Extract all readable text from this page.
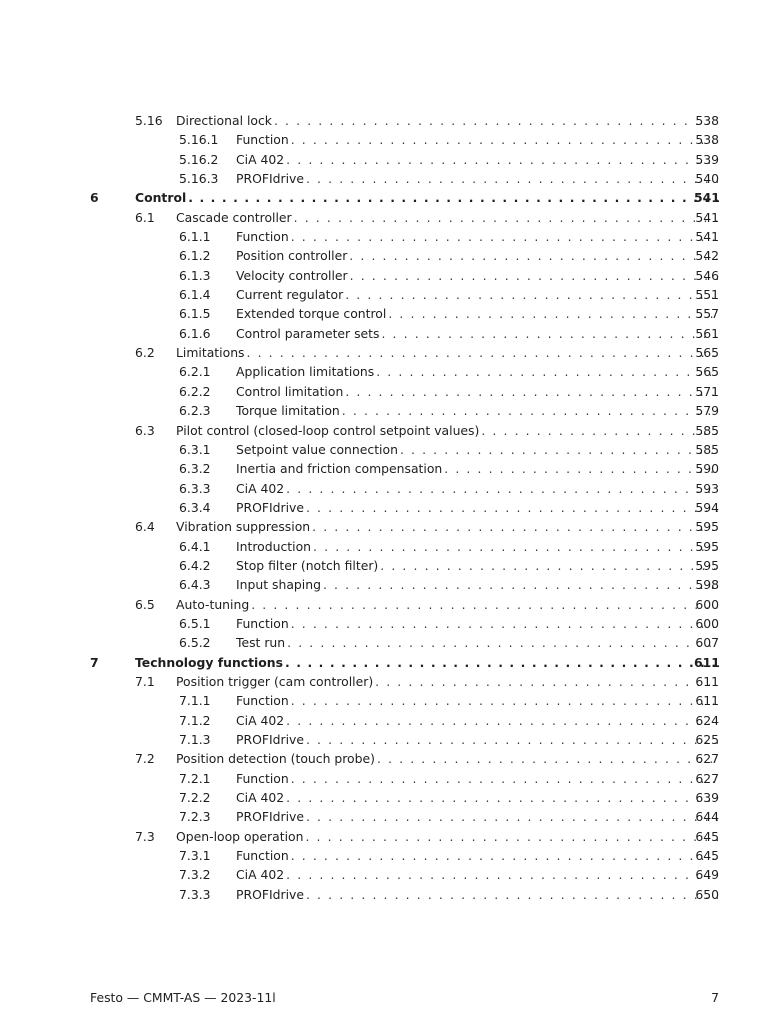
5.16 Directional lock . . .	538
5.16.1 Function . . .	538
5.16.2 CiA 402 . . .	539
5.16.3 PROFIdrive . . .	540
6	Control . . .	541
6.1 Cascade controller . . .	541
6.1.1 Function . . .	541
6.1.2 Position controller . . .	542
6.1.3 Velocity controller . . .	546
6.1.4 Current regulator . . .	551
6.1.5 Extended torque control . . .	557
6.1.6 Control parameter sets . . .	561
6.2 Limitations . . .	565
6.2.1 Application limitations . . .	565
6.2.2 Control limitation . . .	571
6.2.3 Torque limitation . . .	579
6.3 Pilot control (closed-loop control setpoint values) . . .	585
6.3.1 Setpoint value connection . . .	585
6.3.2 Inertia and friction compensation . . .	590
6.3.3 CiA 402 . . .	593
6.3.4 PROFIdrive . . .	594
6.4 Vibration suppression . . .	595
6.4.1 Introduction . . .	595
6.4.2 Stop filter (notch filter) . . .	595
6.4.3 Input shaping . . .	598
6.5 Auto-tuning . . .	600
6.5.1 Function . . .	600
6.5.2 Test run . . .	607
7	Technology functions . . .	611
7.1 Position trigger (cam controller) . . .	611
7.1.1 Function . . .	611
7.1.2 CiA 402 . . .	624
7.1.3 PROFIdrive . . .	625
7.2 Position detection (touch probe) . . .	627
7.2.1 Function . . .	627
7.2.2 CiA 402 . . .	639
7.2.3 PROFIdrive . . .	644
7.3 Open-loop operation . . .	645
7.3.1 Function . . .	645
7.3.2 CiA 402 . . .	649
7.3.3 PROFIdrive . . .	650
Festo — CMMT-AS — 2023-11l	7
